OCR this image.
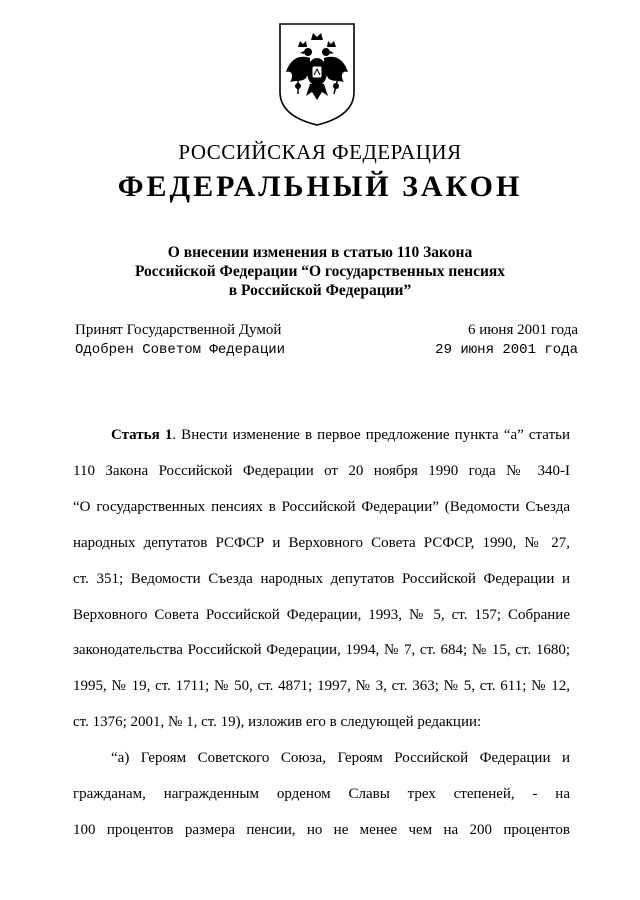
РОССИЙСКАЯ ФЕДЕРАЦИЯ
ФЕДЕРАЛЬНЫЙ ЗАКОН
О внесении изменения в статью 110 Закона
Российской Федерации “О государственных пенсиях
в Российской Федерации”
Принят Государственной Думой	6 июня 2001 года
Одобрен Советом Федерации	29 июня 2001 года
Статья 1. Внести изменение в первое предложение пункта “а” статьи
110 Закона Российской Федерации от 20 ноября 1990 года № 340-I
“О государственных пенсиях в Российской Федерации” (Ведомости Съезда
народных депутатов РСФСР и Верховного Совета РСФСР, 1990, № 27,
ст. 351; Ведомости Съезда народных депутатов Российской Федерации и
Верховного Совета Российской Федерации, 1993, № 5, ст. 157; Собрание
законодательства Российской Федерации, 1994, № 7, ст. 684; № 15, ст. 1680;
1995, № 19, ст. 1711; № 50, ст. 4871; 1997, № 3, ст. 363; № 5, ст. 611; № 12,
ст. 1376; 2001, № 1, ст. 19), изложив его в следующей редакции:
“а) Героям Советского Союза, Героям Российской Федерации и
гражданам, награжденным орденом Славы трех степеней, - на
100 процентов размера пенсии, но не менее чем на 200 процентов
